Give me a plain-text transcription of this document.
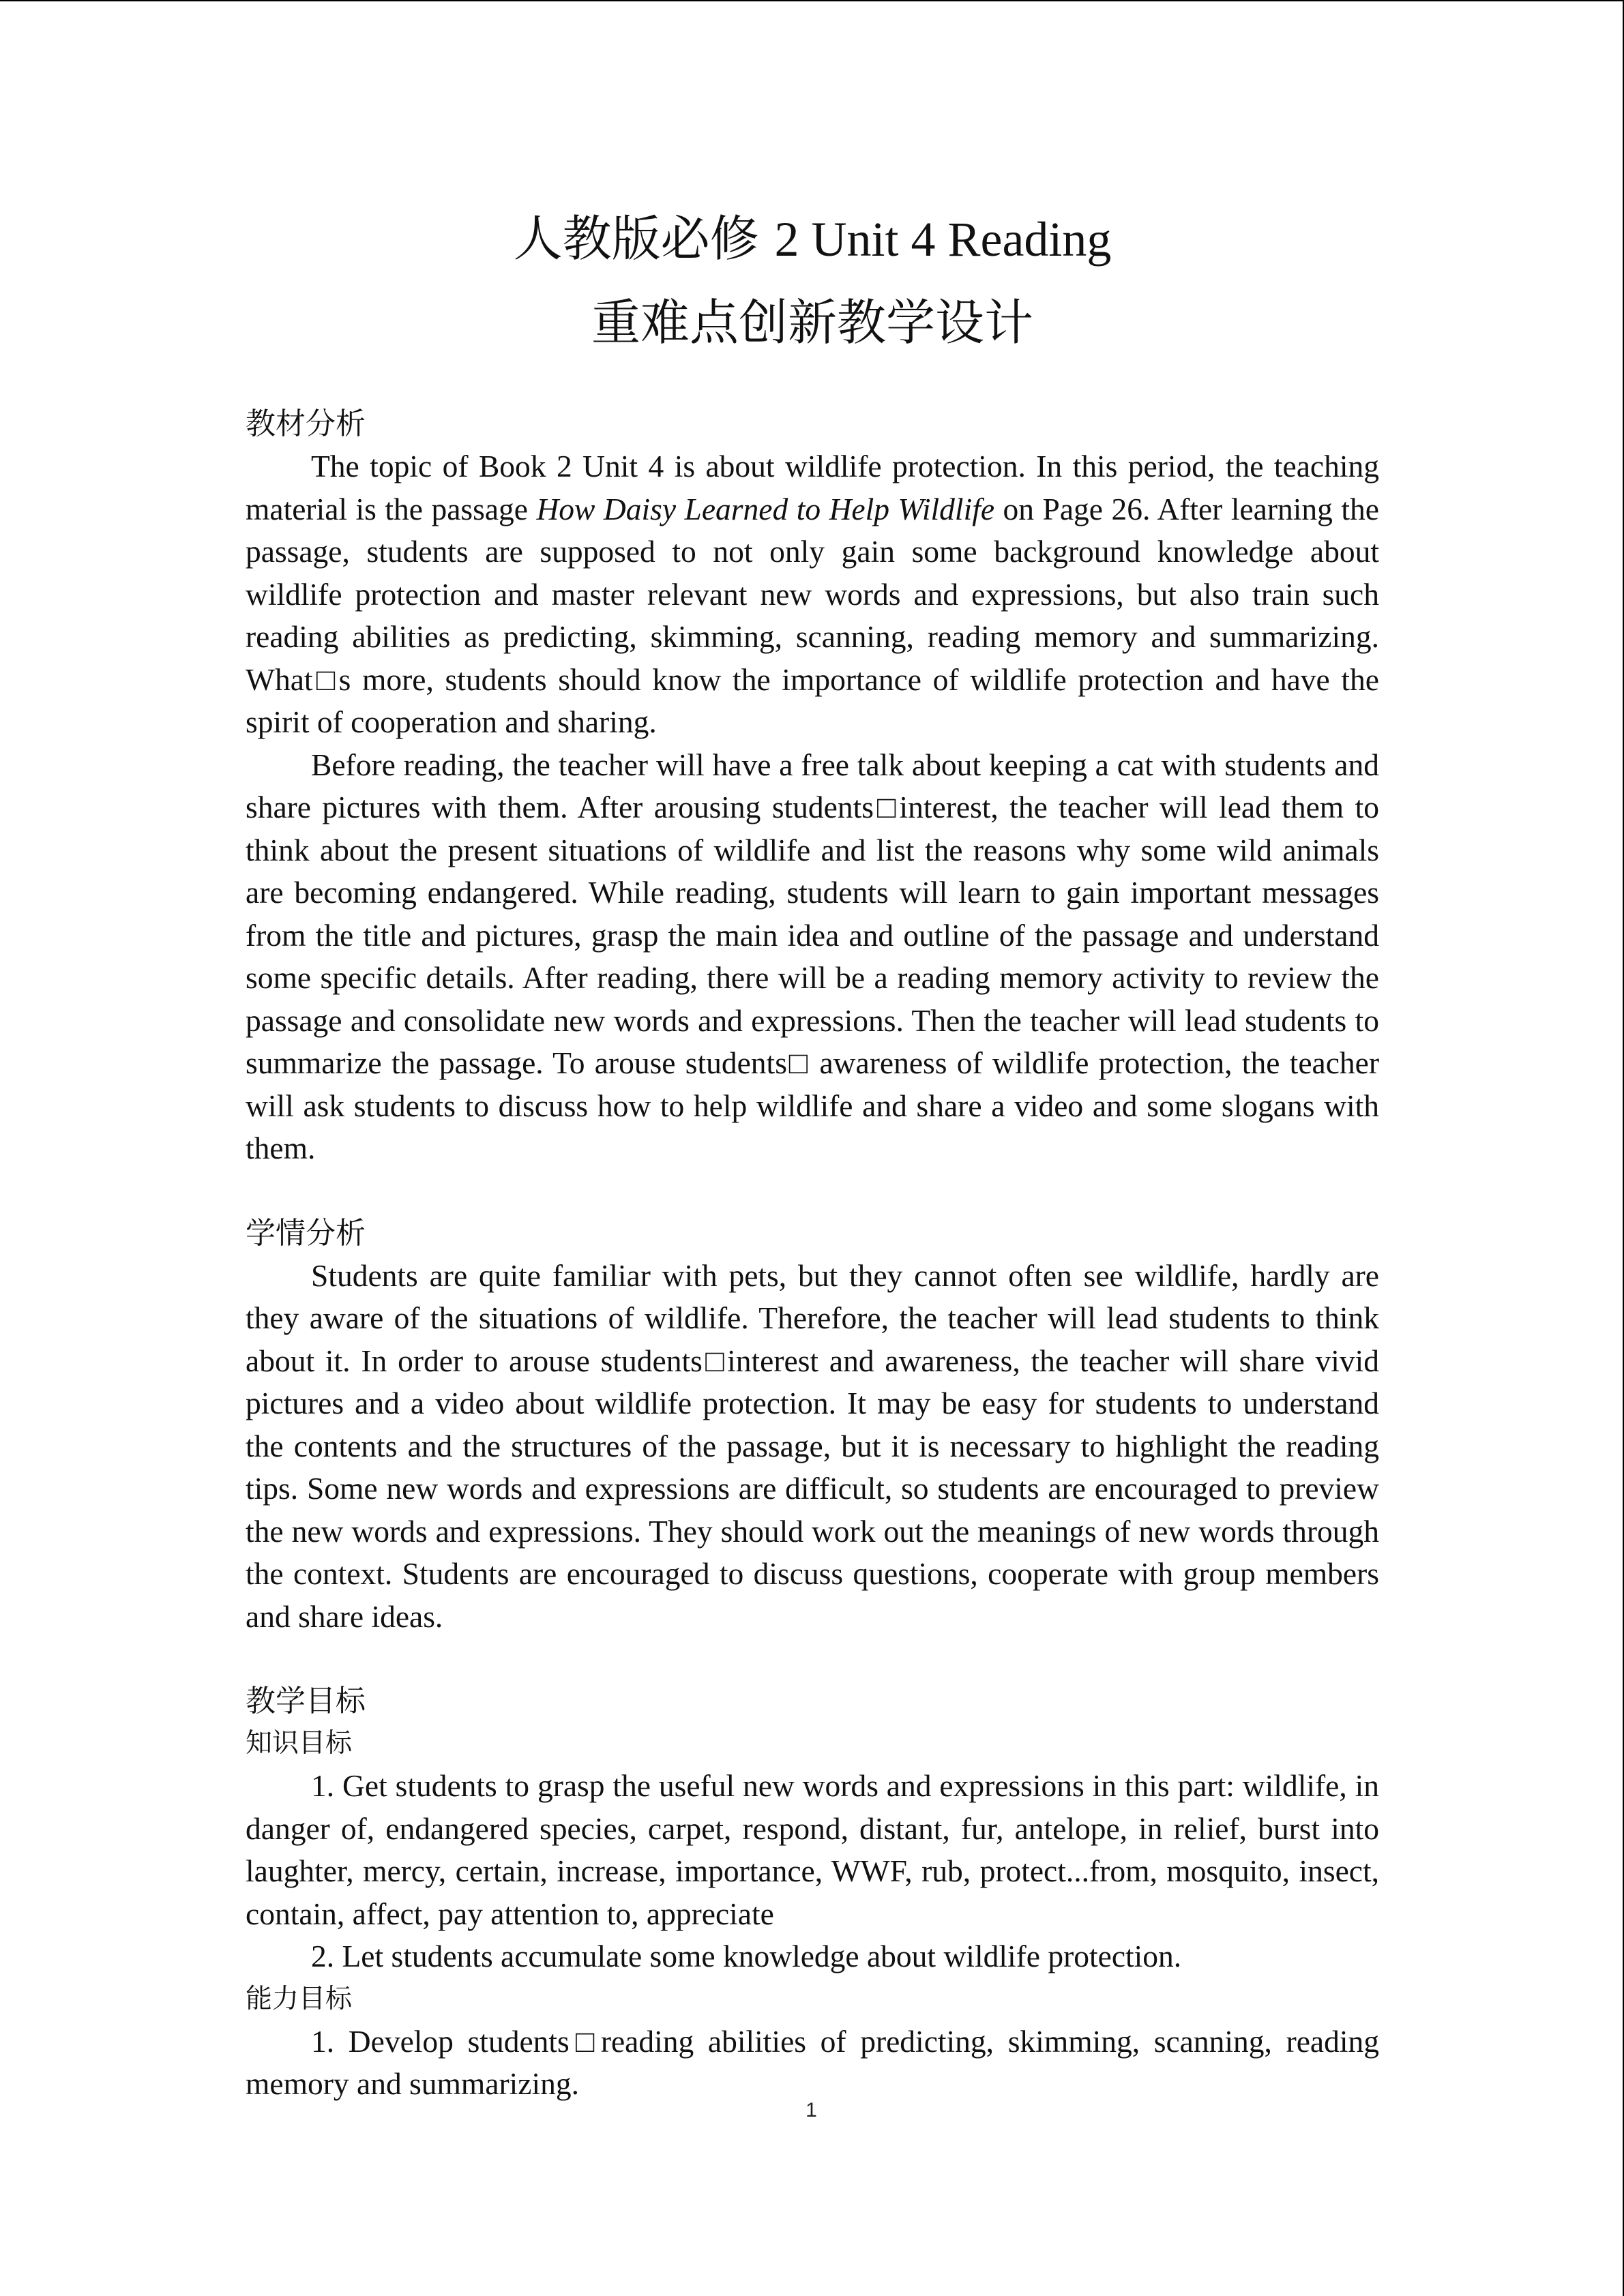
人教版必修 2 Unit 4 Reading
重难点创新教学设计
教材分析

The topic of Book 2 Unit 4 is about wildlife protection. In this period, the teaching material is the passage How Daisy Learned to Help Wildlife on Page 26. After learning the passage, students are supposed to not only gain some background knowledge about wildlife protection and master relevant new words and expressions, but also train such reading abilities as predicting, skimming, scanning, reading memory and summarizing. What□s more, students should know the importance of wildlife protection and have the spirit of cooperation and sharing.

Before reading, the teacher will have a free talk about keeping a cat with students and share pictures with them. After arousing students□interest, the teacher will lead them to think about the present situations of wildlife and list the reasons why some wild animals are becoming endangered. While reading, students will learn to gain important messages from the title and pictures, grasp the main idea and outline of the passage and understand some specific details. After reading, there will be a reading memory activity to review the passage and consolidate new words and expressions. Then the teacher will lead students to summarize the passage. To arouse students□ awareness of wildlife protection, the teacher will ask students to discuss how to help wildlife and share a video and some slogans with them.

学情分析

Students are quite familiar with pets, but they cannot often see wildlife, hardly are they aware of the situations of wildlife. Therefore, the teacher will lead students to think about it. In order to arouse students□interest and awareness, the teacher will share vivid pictures and a video about wildlife protection. It may be easy for students to understand the contents and the structures of the passage, but it is necessary to highlight the reading tips. Some new words and expressions are difficult, so students are encouraged to preview the new words and expressions. They should work out the meanings of new words through the context. Students are encouraged to discuss questions, cooperate with group members and share ideas.

教学目标
知识目标

1. Get students to grasp the useful new words and expressions in this part: wildlife, in danger of, endangered species, carpet, respond, distant, fur, antelope, in relief, burst into laughter, mercy, certain, increase, importance, WWF, rub, protect...from, mosquito, insect, contain, affect, pay attention to, appreciate

2. Let students accumulate some knowledge about wildlife protection.

能力目标

1. Develop students□reading abilities of predicting, skimming, scanning, reading memory and summarizing.

1
